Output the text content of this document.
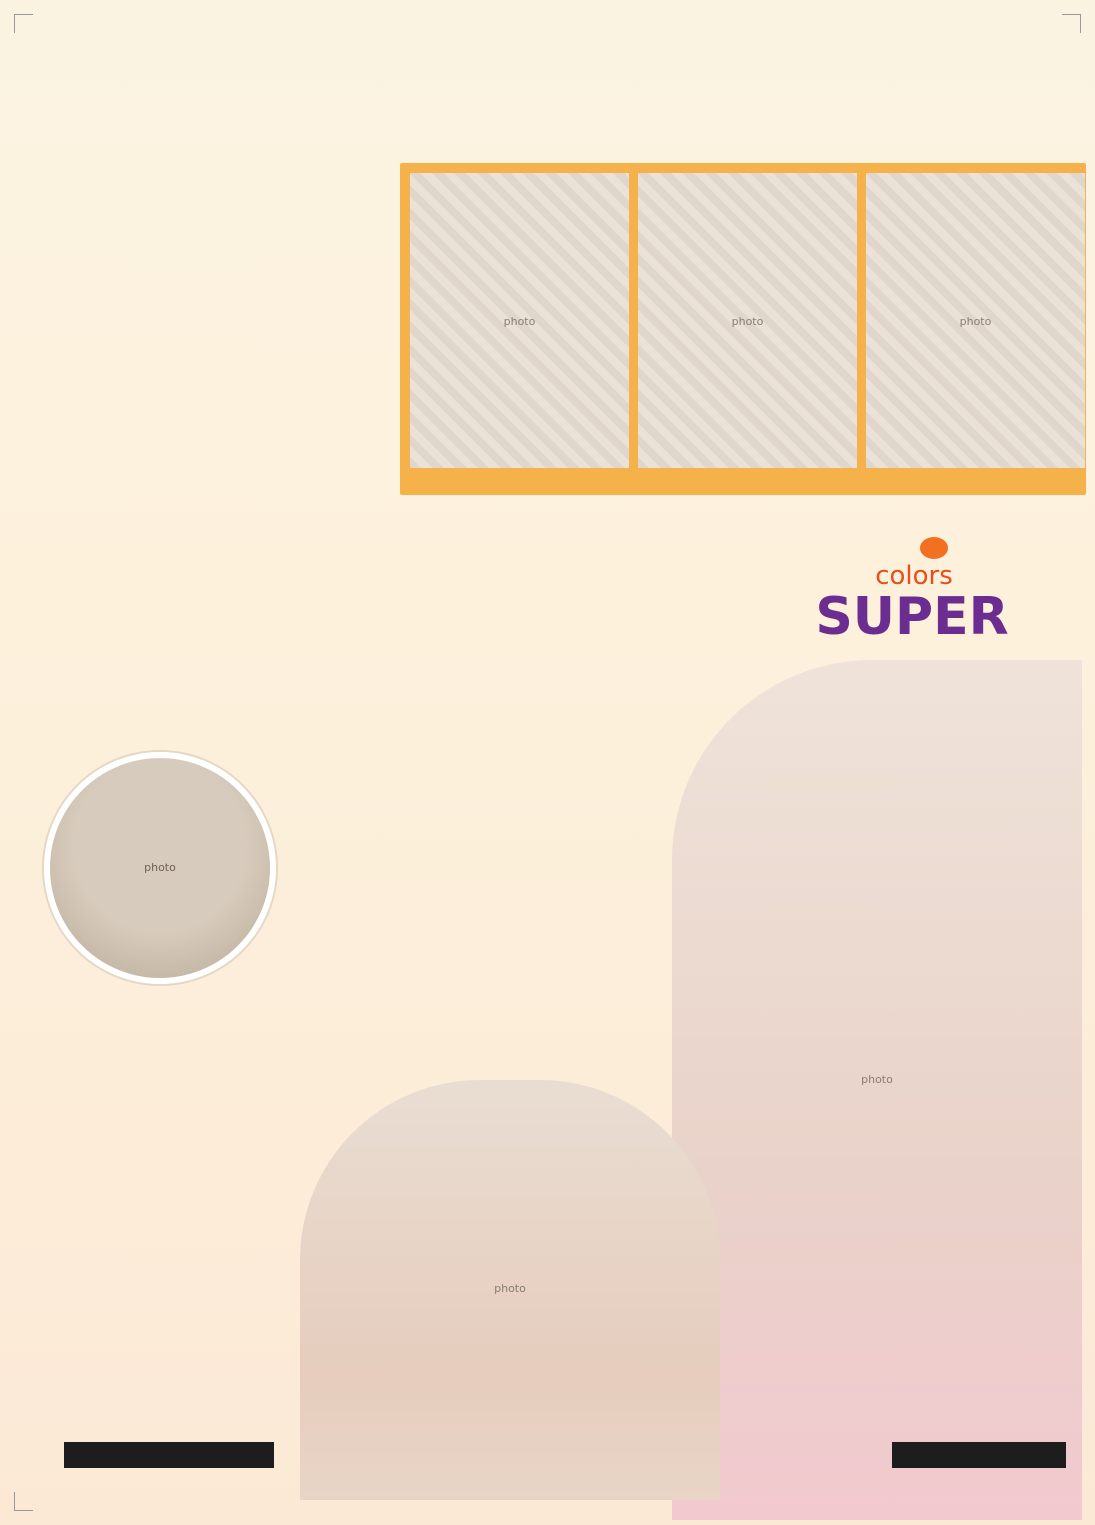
photo
photo
photo
colors
SUPER
photo
photo
photo
